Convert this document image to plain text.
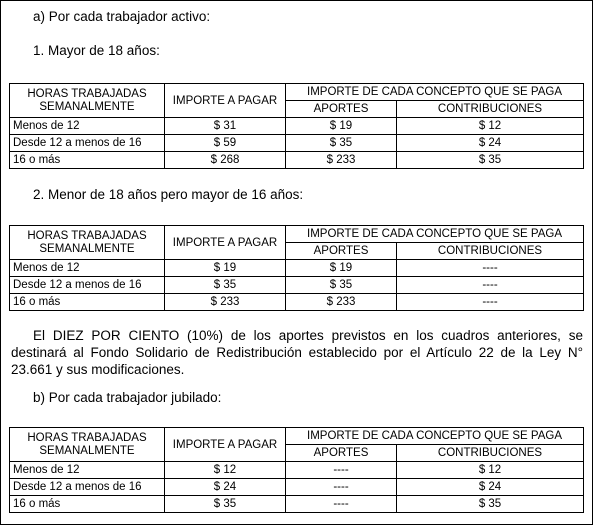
a) Por cada trabajador activo:
1. Mayor de 18 años:
HORAS TRABAJADAS SEMANALMENTE	IMPORTE A PAGAR	IMPORTE DE CADA CONCEPTO QUE SE PAGA	
		APORTES	CONTRIBUCIONES
Menos de 12	$ 31	$ 19	$ 12
Desde 12 a menos de 16	$ 59	$ 35	$ 24
16 o más	$ 268	$ 233	$ 35
2. Menor de 18 años pero mayor de 16 años:
HORAS TRABAJADAS SEMANALMENTE	IMPORTE A PAGAR	IMPORTE DE CADA CONCEPTO QUE SE PAGA	
		APORTES	CONTRIBUCIONES
Menos de 12	$ 19	$ 19	----
Desde 12 a menos de 16	$ 35	$ 35	----
16 o más	$ 233	$ 233	----
El DIEZ POR CIENTO (10%) de los aportes previstos en los cuadros anteriores, se destinará al Fondo Solidario de Redistribución establecido por el Artículo 22 de la Ley N° 23.661 y sus modificaciones.
b) Por cada trabajador jubilado:
HORAS TRABAJADAS SEMANALMENTE	IMPORTE A PAGAR	IMPORTE DE CADA CONCEPTO QUE SE PAGA	
		APORTES	CONTRIBUCIONES
Menos de 12	$ 12	----	$ 12
Desde 12 a menos de 16	$ 24	----	$ 24
16 o más	$ 35	----	$ 35
